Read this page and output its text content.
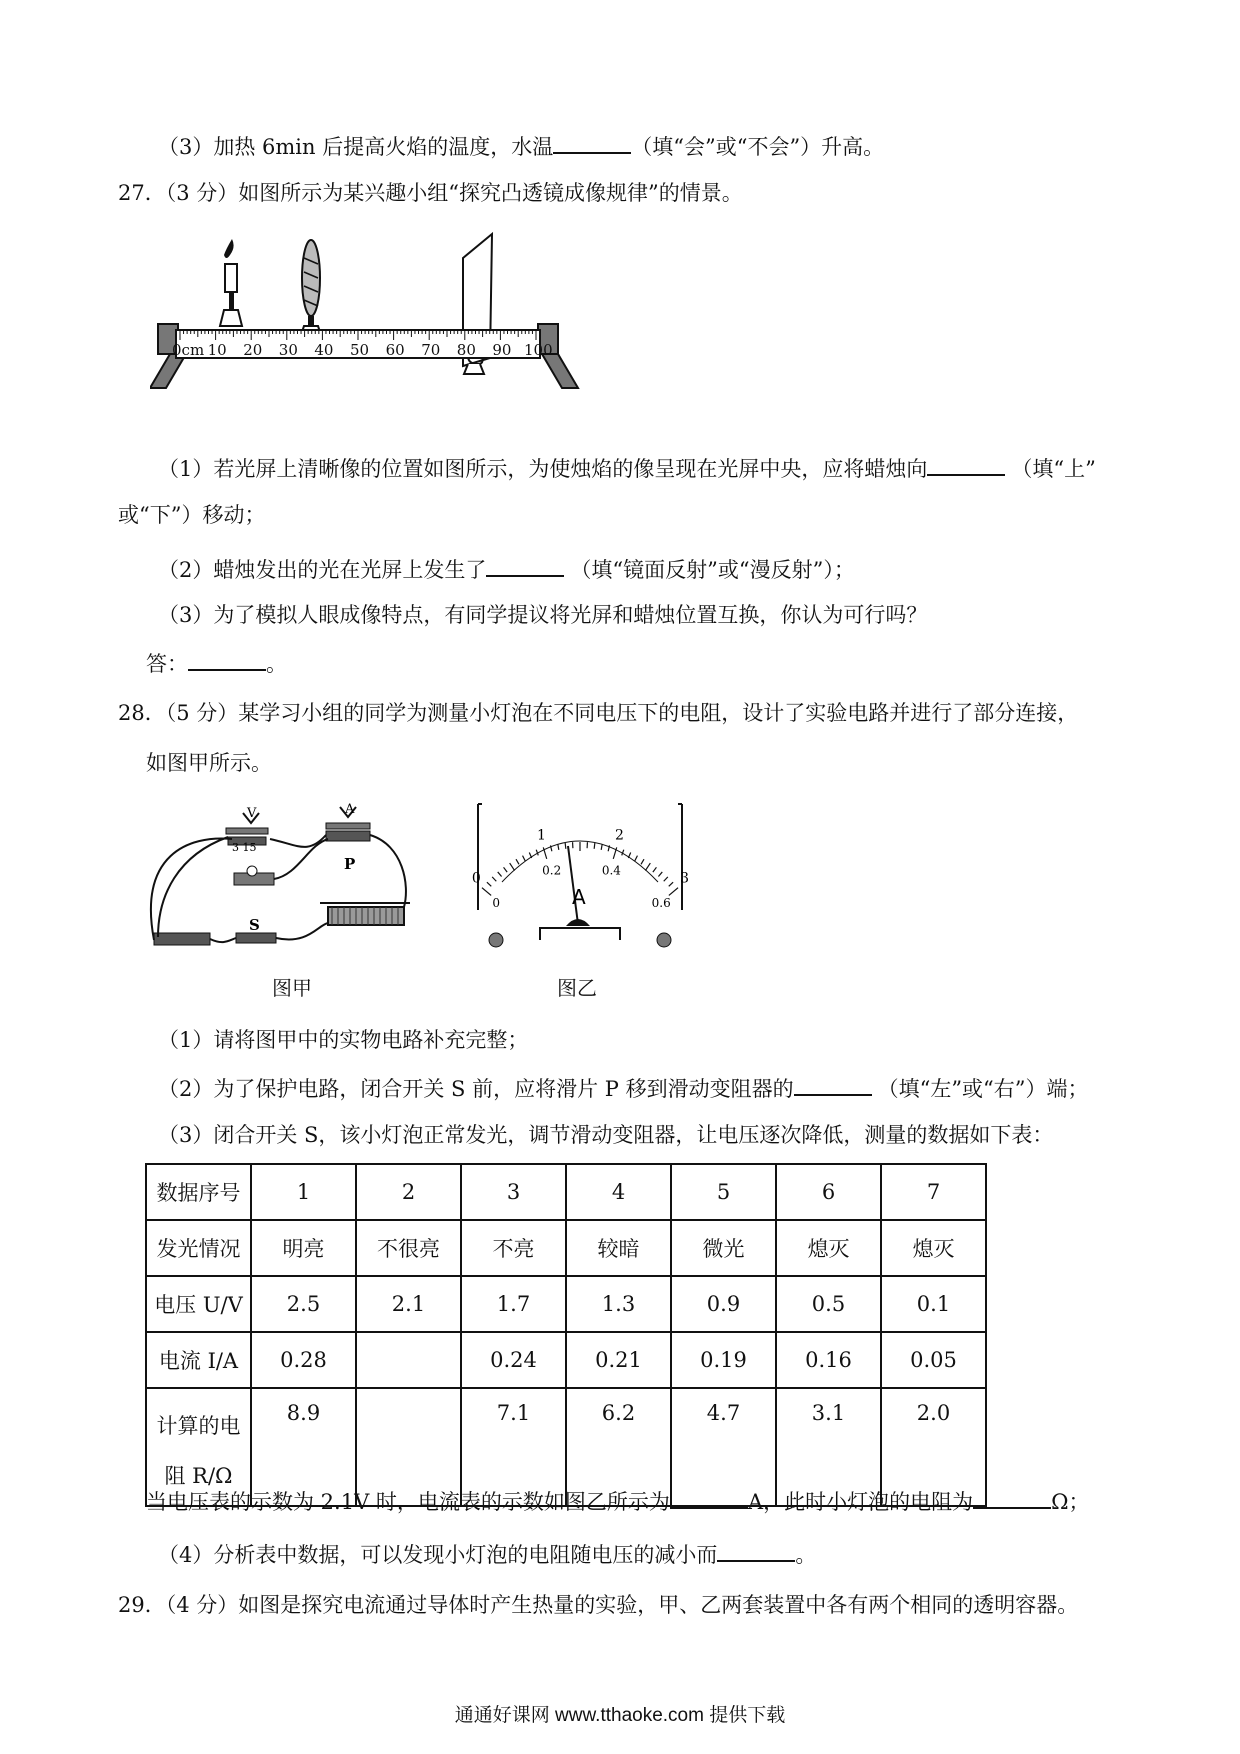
（3）加热 6min 后提高火焰的温度，水温	（填“会”或“不会”）升高。
27．（3 分）如图所示为某兴趣小组“探究凸透镜成像规律”的情景。
0cm 10 20 30 40 50 60 70 80 90 100
（1）若光屏上清晰像的位置如图所示，为使烛焰的像呈现在光屏中央，应将蜡烛向	（填“上”
或“下”）移动；
（2）蜡烛发出的光在光屏上发生了	（填“镜面反射”或“漫反射”）；
（3）为了模拟人眼成像特点，有同学提议将光屏和蜡烛位置互换，你认为可行吗？
答：	。
28．（5 分）某学习小组的同学为测量小灯泡在不同电压下的电阻，设计了实验电路并进行了部分连接，
如图甲所示。
V
3 15
A
P
S
图甲
0
1	2
3
0
0.2	0.4
0.6
A
图乙
（1）请将图甲中的实物电路补充完整；
（2）为了保护电路，闭合开关 S 前，应将滑片 P 移到滑动变阻器的	（填“左”或“右”）端；
（3）闭合开关 S，该小灯泡正常发光，调节滑动变阻器，让电压逐次降低，测量的数据如下表：
数据序号	1	2	3	4	5	6	7
发光情况	明亮	不很亮	不亮	较暗	微光	熄灭	熄灭
电压 U/V	2.5	2.1	1.7	1.3	0.9	0.5	0.1
电流 I/A	0.28		0.24	0.21	0.19	0.16	0.05
计算的电阻 R/Ω	8.9		7.1	6.2	4.7	3.1	2.0
当电压表的示数为 2.1V 时，电流表的示数如图乙所示为	A，此时小灯泡的电阻为	Ω；
（4）分析表中数据，可以发现小灯泡的电阻随电压的减小而	。
29．（4 分）如图是探究电流通过导体时产生热量的实验，甲、乙两套装置中各有两个相同的透明容器。
通通好课网 www.tthaoke.com 提供下载
